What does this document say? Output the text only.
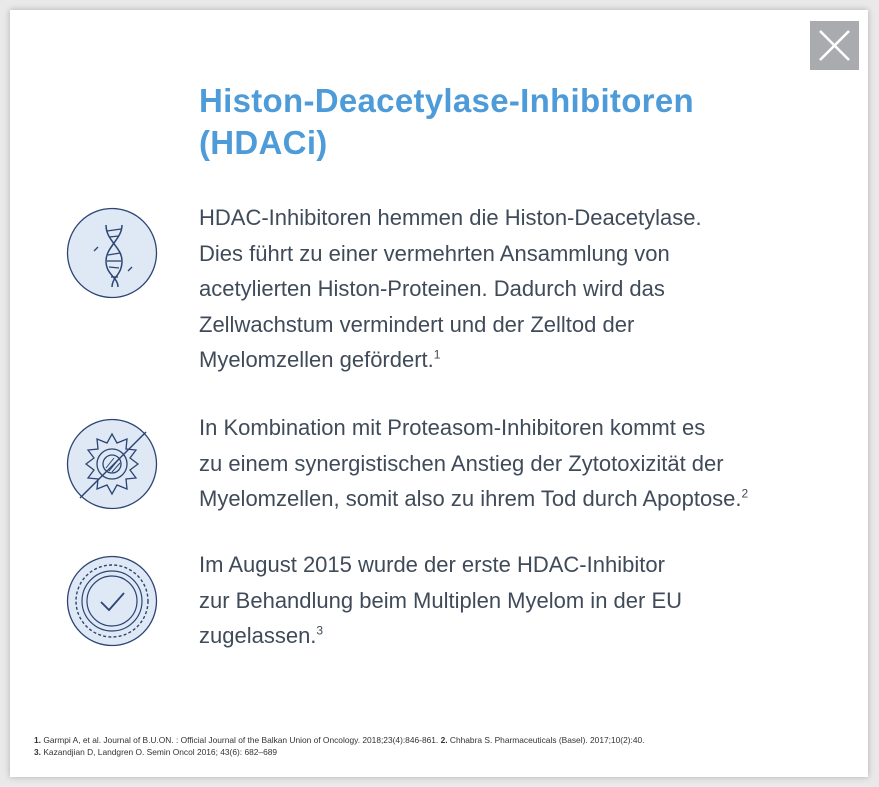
Histon-Deacetylase-Inhibitoren
(HDACi)

HDAC-Inhibitoren hemmen die Histon-Deacetylase.
Dies führt zu einer vermehrten Ansammlung von
acetylierten Histon-Proteinen. Dadurch wird das
Zellwachstum vermindert und der Zelltod der
Myelomzellen gefördert.$^1$

In Kombination mit Proteasom-Inhibitoren kommt es
zu einem synergistischen Anstieg der Zytotoxizität der
Myelomzellen, somit also zu ihrem Tod durch Apoptose.$^2$

Im August 2015 wurde der erste HDAC-Inhibitor
zur Behandlung beim Multiplen Myelom in der EU
zugelassen.$^3$

1. Garmpi A, et al. Journal of B.U.ON. : Official Journal of the Balkan Union of Oncology. 2018;23(4):846-861. 2. Chhabra S. Pharmaceuticals (Basel). 2017;10(2):40.
3. Kazandjian D, Landgren O. Semin Oncol 2016; 43(6): 682–689
